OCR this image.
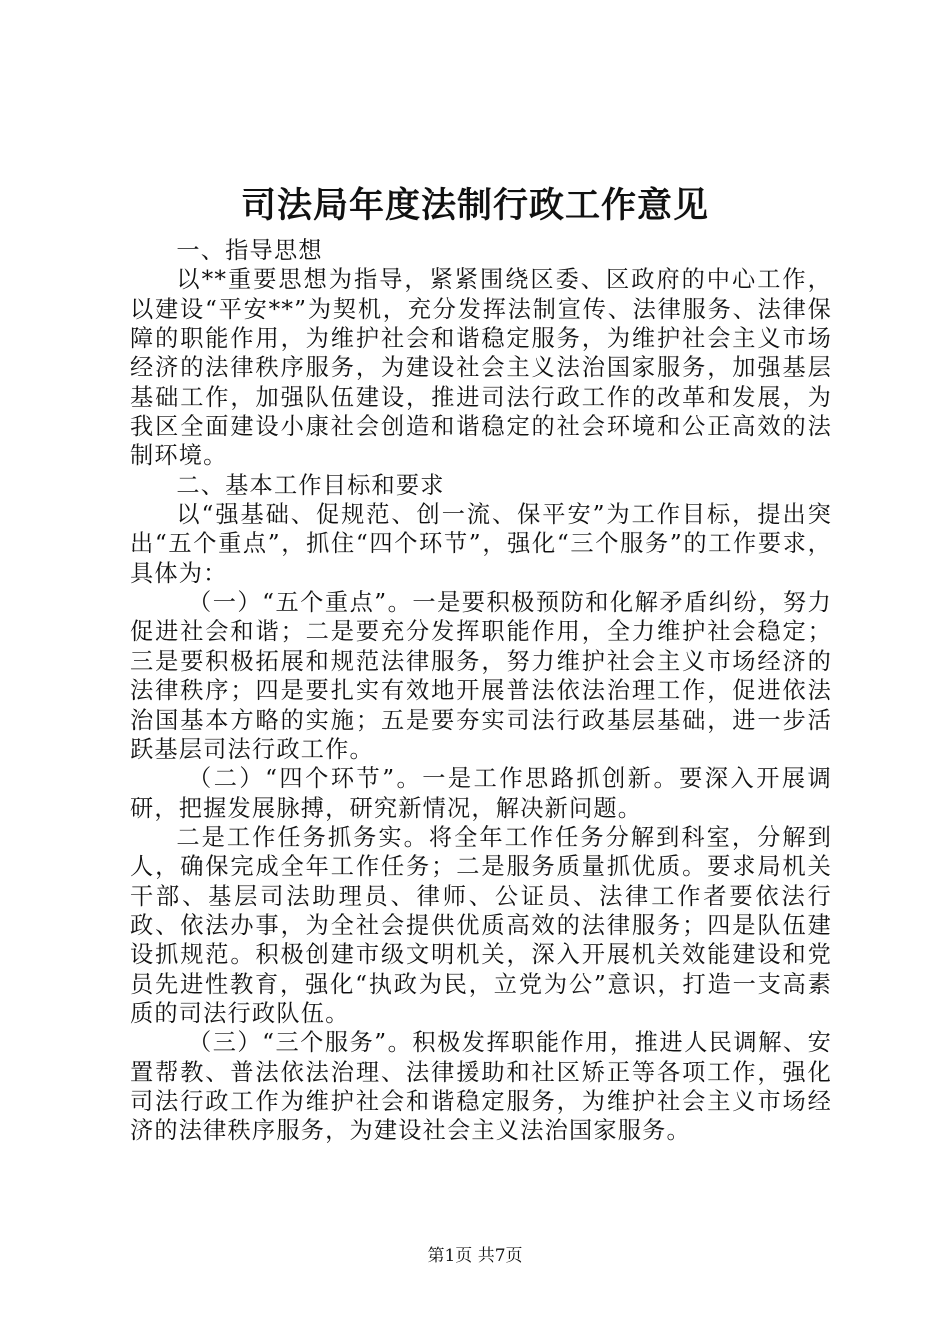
司法局年度法制行政工作意见

一、指导思想

以**重要思想为指导，紧紧围绕区委、区政府的中心工作，以建设“平安**”为契机，充分发挥法制宣传、法律服务、法律保障的职能作用，为维护社会和谐稳定服务，为维护社会主义市场经济的法律秩序服务，为建设社会主义法治国家服务，加强基层基础工作，加强队伍建设，推进司法行政工作的改革和发展，为我区全面建设小康社会创造和谐稳定的社会环境和公正高效的法制环境。

二、基本工作目标和要求

以“强基础、促规范、创一流、保平安”为工作目标，提出突出“五个重点”，抓住“四个环节”，强化“三个服务”的工作要求，具体为：

（一）“五个重点”。一是要积极预防和化解矛盾纠纷，努力促进社会和谐；二是要充分发挥职能作用，全力维护社会稳定；三是要积极拓展和规范法律服务，努力维护社会主义市场经济的法律秩序；四是要扎实有效地开展普法依法治理工作，促进依法治国基本方略的实施；五是要夯实司法行政基层基础，进一步活跃基层司法行政工作。

（二）“四个环节”。一是工作思路抓创新。要深入开展调研，把握发展脉搏，研究新情况，解决新问题。

二是工作任务抓务实。将全年工作任务分解到科室，分解到人，确保完成全年工作任务；二是服务质量抓优质。要求局机关干部、基层司法助理员、律师、公证员、法律工作者要依法行政、依法办事，为全社会提供优质高效的法律服务；四是队伍建设抓规范。积极创建市级文明机关，深入开展机关效能建设和党员先进性教育，强化“执政为民，立党为公”意识，打造一支高素质的司法行政队伍。

（三）“三个服务”。积极发挥职能作用，推进人民调解、安置帮教、普法依法治理、法律援助和社区矫正等各项工作，强化司法行政工作为维护社会和谐稳定服务，为维护社会主义市场经济的法律秩序服务，为建设社会主义法治国家服务。

第1页 共7页
